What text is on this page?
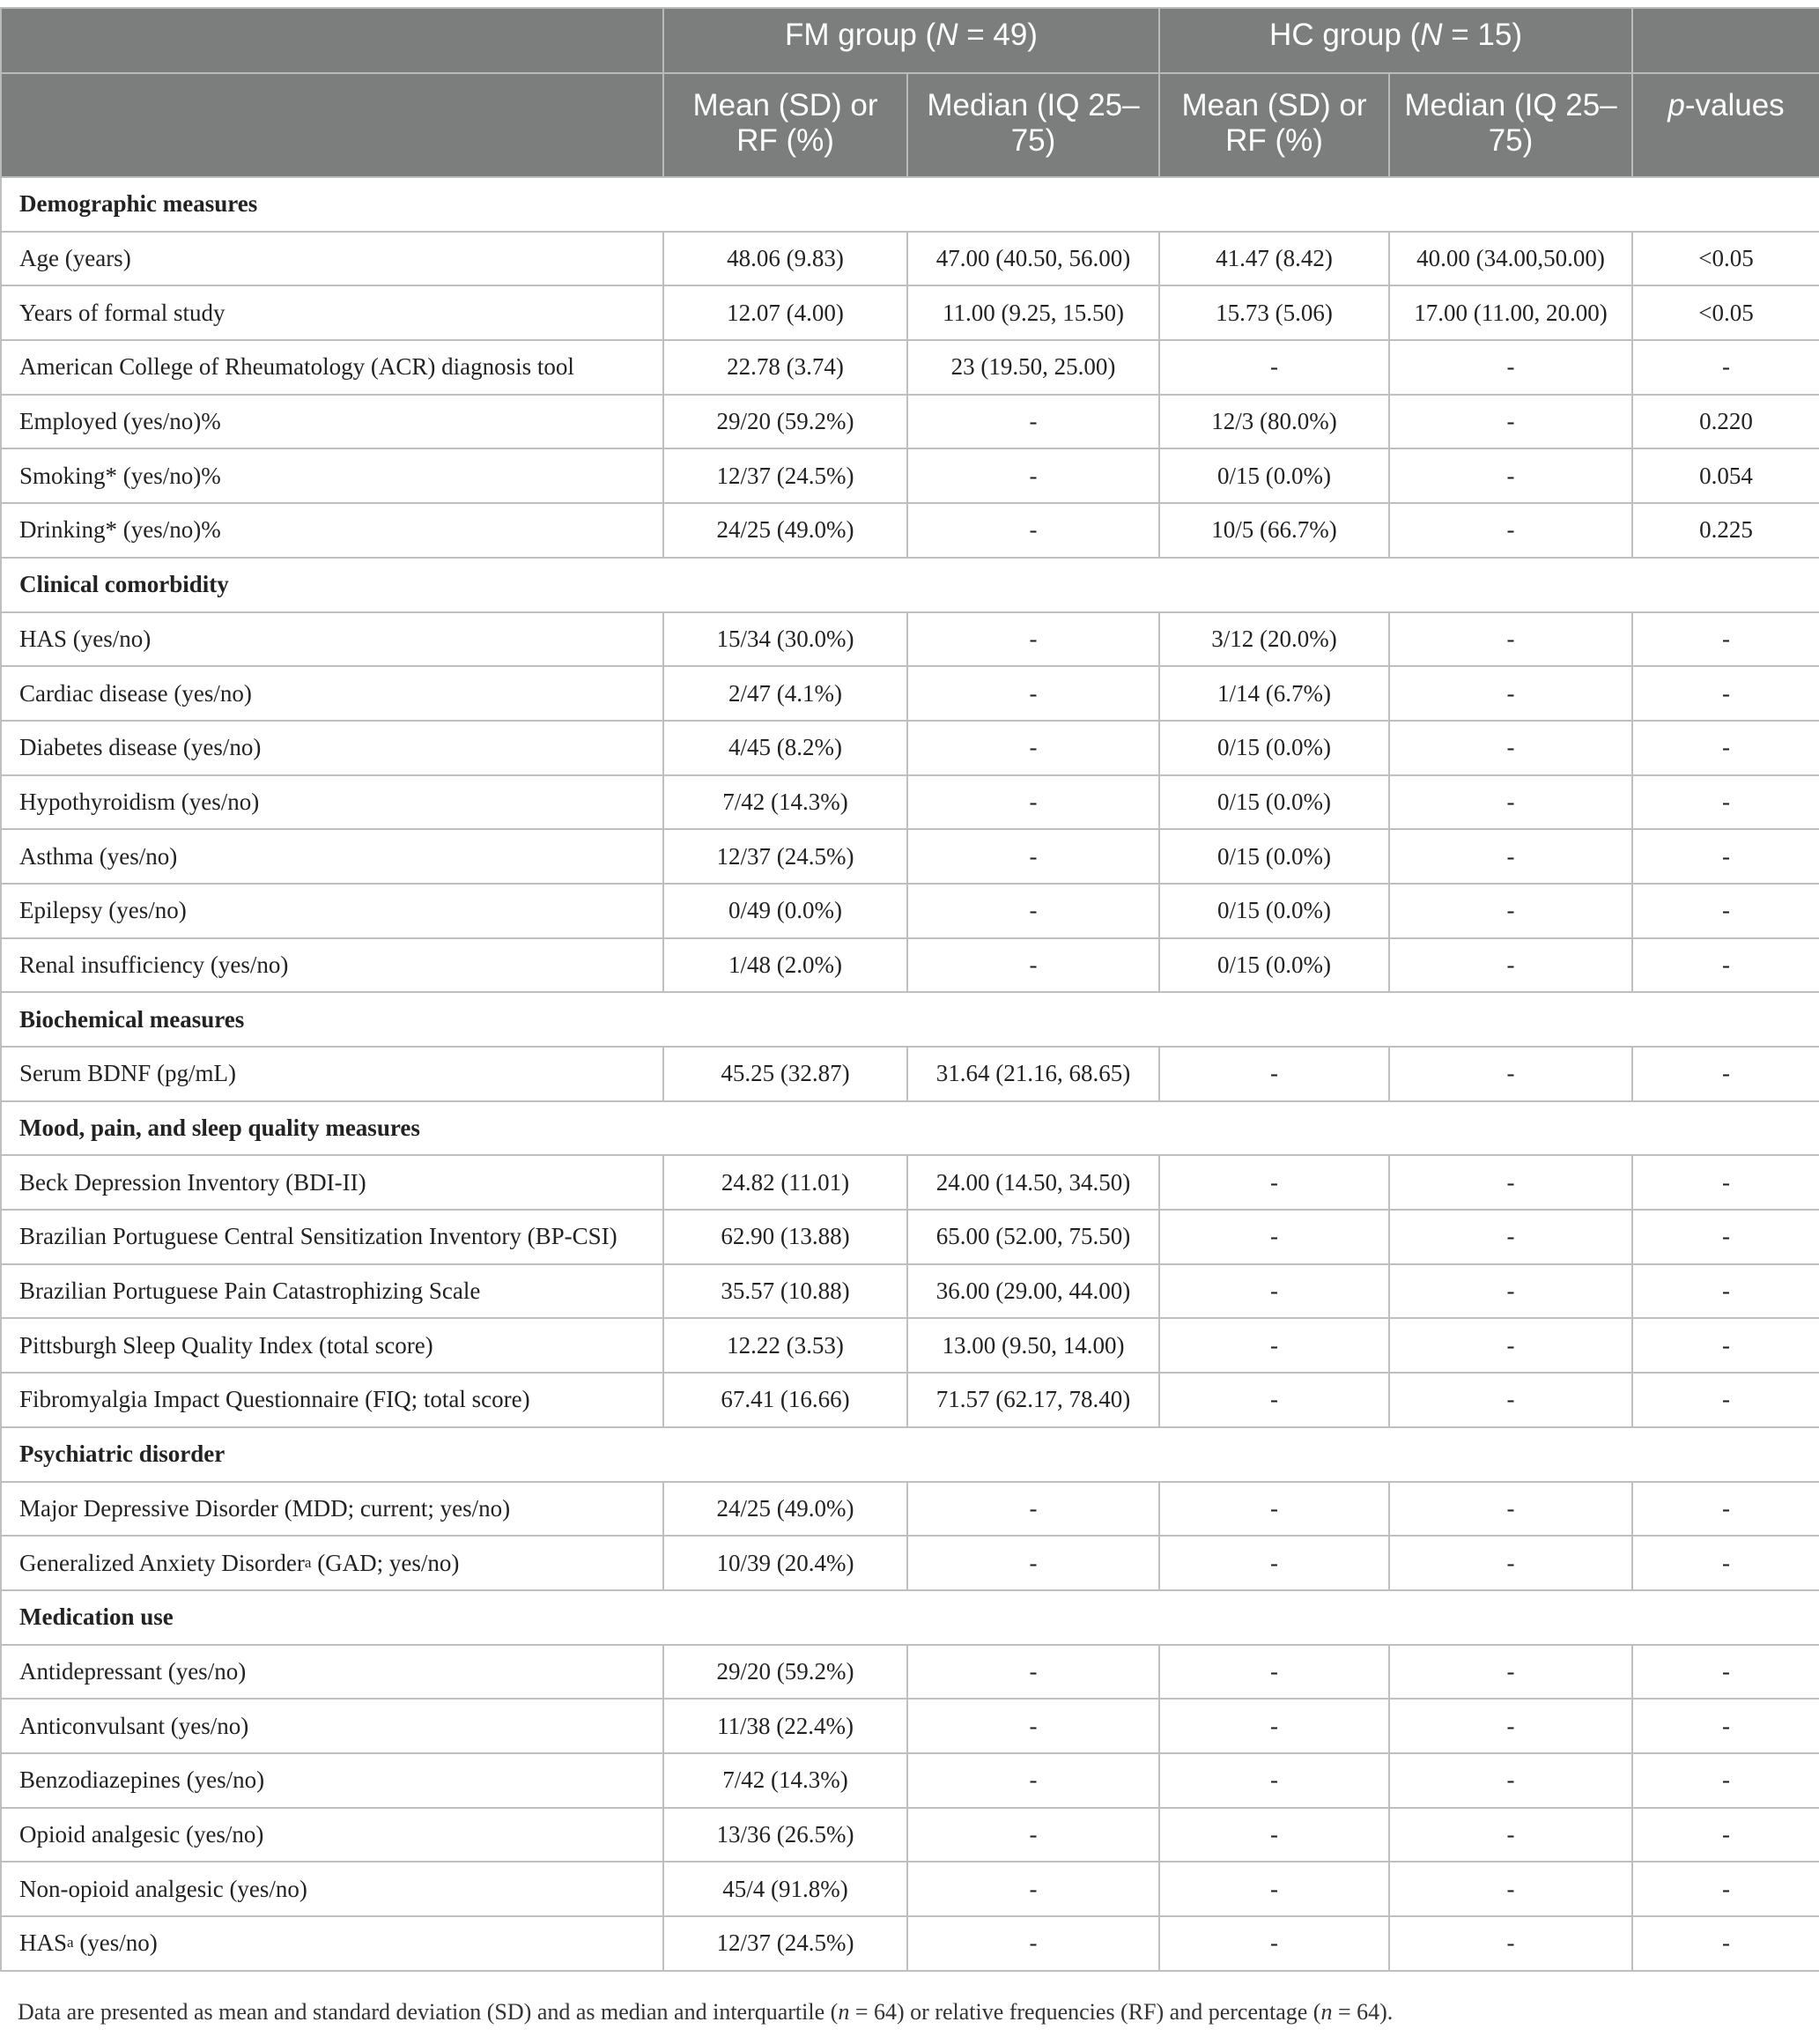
	FM group (N = 49)		HC group (N = 15)		
	Mean (SD) or RF (%)	Median (IQ 25–75)	Mean (SD) or RF (%)	Median (IQ 25–75)	p-values
Demographic measures					
Age (years)	48.06 (9.83)	47.00 (40.50, 56.00)	41.47 (8.42)	40.00 (34.00,50.00)	<0.05
Years of formal study	12.07 (4.00)	11.00 (9.25, 15.50)	15.73 (5.06)	17.00 (11.00, 20.00)	<0.05
American College of Rheumatology (ACR) diagnosis tool	22.78 (3.74)	23 (19.50, 25.00)	-	-	-
Employed (yes/no)%	29/20 (59.2%)	-	12/3 (80.0%)	-	0.220
Smoking* (yes/no)%	12/37 (24.5%)	-	0/15 (0.0%)	-	0.054
Drinking* (yes/no)%	24/25 (49.0%)	-	10/5 (66.7%)	-	0.225
Clinical comorbidity					
HAS (yes/no)	15/34 (30.0%)	-	3/12 (20.0%)	-	-
Cardiac disease (yes/no)	2/47 (4.1%)	-	1/14 (6.7%)	-	-
Diabetes disease (yes/no)	4/45 (8.2%)	-	0/15 (0.0%)	-	-
Hypothyroidism (yes/no)	7/42 (14.3%)	-	0/15 (0.0%)	-	-
Asthma (yes/no)	12/37 (24.5%)	-	0/15 (0.0%)	-	-
Epilepsy (yes/no)	0/49 (0.0%)	-	0/15 (0.0%)	-	-
Renal insufficiency (yes/no)	1/48 (2.0%)	-	0/15 (0.0%)	-	-
Biochemical measures					
Serum BDNF (pg/mL)	45.25 (32.87)	31.64 (21.16, 68.65)	-	-	-
Mood, pain, and sleep quality measures					
Beck Depression Inventory (BDI-II)	24.82 (11.01)	24.00 (14.50, 34.50)	-	-	-
Brazilian Portuguese Central Sensitization Inventory (BP-CSI)	62.90 (13.88)	65.00 (52.00, 75.50)	-	-	-
Brazilian Portuguese Pain Catastrophizing Scale	35.57 (10.88)	36.00 (29.00, 44.00)	-	-	-
Pittsburgh Sleep Quality Index (total score)	12.22 (3.53)	13.00 (9.50, 14.00)	-	-	-
Fibromyalgia Impact Questionnaire (FIQ; total score)	67.41 (16.66)	71.57 (62.17, 78.40)	-	-	-
Psychiatric disorder					
Major Depressive Disorder (MDD; current; yes/no)	24/25 (49.0%)	-	-	-	-
Generalized Anxiety Disorder$^a$ (GAD; yes/no)	10/39 (20.4%)	-	-	-	-
Medication use					
Antidepressant (yes/no)	29/20 (59.2%)	-	-	-	-
Anticonvulsant (yes/no)	11/38 (22.4%)	-	-	-	-
Benzodiazepines (yes/no)	7/42 (14.3%)	-	-	-	-
Opioid analgesic (yes/no)	13/36 (26.5%)	-	-	-	-
Non-opioid analgesic (yes/no)	45/4 (91.8%)	-	-	-	-
HAS$^a$ (yes/no)	12/37 (24.5%)	-	-	-	-
Data are presented as mean and standard deviation (SD) and as median and interquartile (n = 64) or relative frequencies (RF) and percentage (n = 64).
